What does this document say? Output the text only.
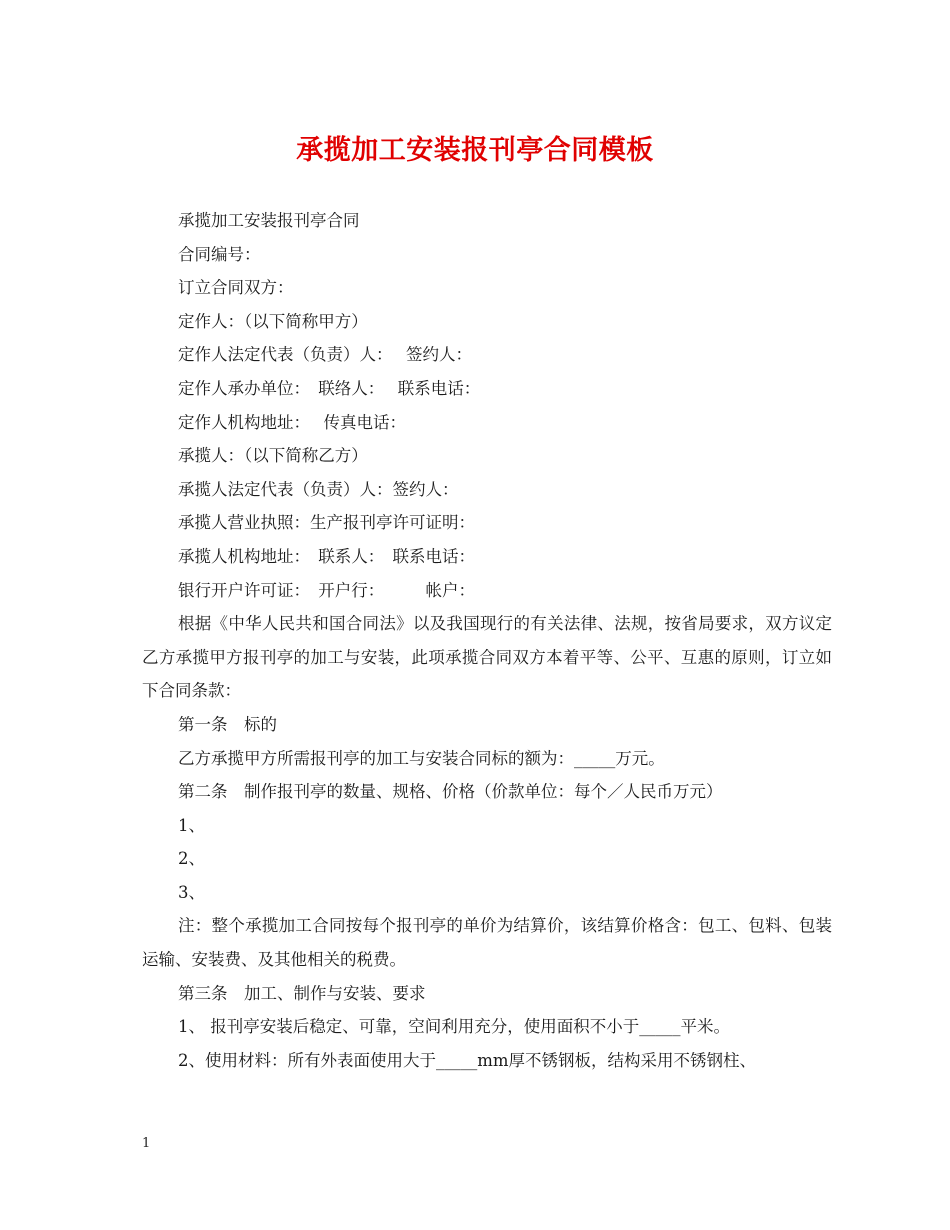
承揽加工安装报刊亭合同模板

承揽加工安装报刊亭合同

合同编号：

订立合同双方：

定作人：（以下简称甲方）

定作人法定代表（负责）人：　 签约人：

定作人承办单位：　联络人：　 联系电话：

定作人机构地址：　 传真电话：

承揽人：（以下简称乙方）

承揽人法定代表（负责）人：签约人：

承揽人营业执照：生产报刊亭许可证明：

承揽人机构地址：　联系人：　联系电话：

银行开户许可证：　开户行：　　　帐户：

根据《中华人民共和国合同法》以及我国现行的有关法律、法规，按省局要求，双方议定乙方承揽甲方报刊亭的加工与安装，此项承揽合同双方本着平等、公平、互惠的原则，订立如下合同条款：

第一条　标的

乙方承揽甲方所需报刊亭的加工与安装合同标的额为：_____万元。

第二条　制作报刊亭的数量、规格、价格（价款单位：每个／人民币万元）

1、

2、

3、

注：整个承揽加工合同按每个报刊亭的单价为结算价，该结算价格含：包工、包料、包装运输、安装费、及其他相关的税费。

第三条　加工、制作与安装、要求

1、 报刊亭安装后稳定、可靠，空间利用充分，使用面积不小于_____平米。

2、使用材料：所有外表面使用大于_____mm厚不锈钢板，结构采用不锈钢柱、

1
